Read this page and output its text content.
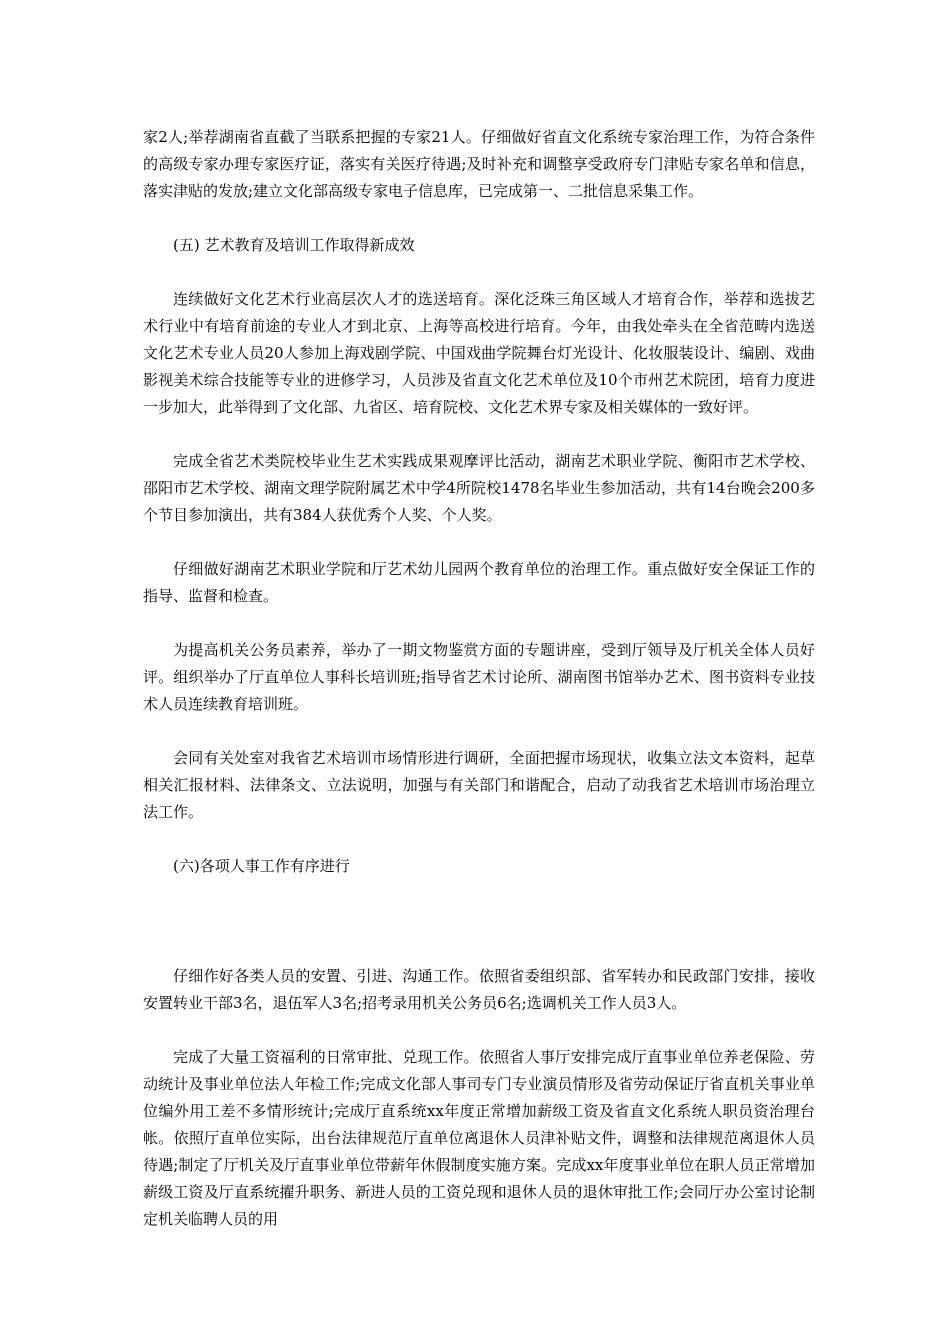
家2人;举荐湖南省直截了当联系把握的专家21人。仔细做好省直文化系统专家治理工作，为符合条件的高级专家办理专家医疗证，落实有关医疗待遇;及时补充和调整享受政府专门津贴专家名单和信息，落实津贴的发放;建立文化部高级专家电子信息库，已完成第一、二批信息采集工作。

(五) 艺术教育及培训工作取得新成效

连续做好文化艺术行业高层次人才的选送培育。深化泛珠三角区域人才培育合作，举荐和选拔艺术行业中有培育前途的专业人才到北京、上海等高校进行培育。今年，由我处牵头在全省范畴内选送文化艺术专业人员20人参加上海戏剧学院、中国戏曲学院舞台灯光设计、化妆服装设计、编剧、戏曲影视美术综合技能等专业的进修学习，人员涉及省直文化艺术单位及10个市州艺术院团，培育力度进一步加大，此举得到了文化部、九省区、培育院校、文化艺术界专家及相关媒体的一致好评。

完成全省艺术类院校毕业生艺术实践成果观摩评比活动，湖南艺术职业学院、衡阳市艺术学校、邵阳市艺术学校、湖南文理学院附属艺术中学4所院校1478名毕业生参加活动，共有14台晚会200多个节目参加演出，共有384人获优秀个人奖、个人奖。

仔细做好湖南艺术职业学院和厅艺术幼儿园两个教育单位的治理工作。重点做好安全保证工作的指导、监督和检查。

为提高机关公务员素养，举办了一期文物鉴赏方面的专题讲座，受到厅领导及厅机关全体人员好评。组织举办了厅直单位人事科长培训班;指导省艺术讨论所、湖南图书馆举办艺术、图书资料专业技术人员连续教育培训班。

会同有关处室对我省艺术培训市场情形进行调研，全面把握市场现状，收集立法文本资料，起草相关汇报材料、法律条文、立法说明，加强与有关部门和谐配合，启动了动我省艺术培训市场治理立法工作。

(六)各项人事工作有序进行

仔细作好各类人员的安置、引进、沟通工作。依照省委组织部、省军转办和民政部门安排，接收安置转业干部3名，退伍军人3名;招考录用机关公务员6名;选调机关工作人员3人。

完成了大量工资福利的日常审批、兑现工作。依照省人事厅安排完成厅直事业单位养老保险、劳动统计及事业单位法人年检工作;完成文化部人事司专门专业演员情形及省劳动保证厅省直机关事业单位编外用工差不多情形统计;完成厅直系统xx年度正常增加薪级工资及省直文化系统人职员资治理台帐。依照厅直单位实际，出台法律规范厅直单位离退休人员津补贴文件，调整和法律规范离退休人员待遇;制定了厅机关及厅直事业单位带薪年休假制度实施方案。完成xx年度事业单位在职人员正常增加薪级工资及厅直系统擢升职务、新进人员的工资兑现和退休人员的退休审批工作;会同厅办公室讨论制定机关临聘人员的用
